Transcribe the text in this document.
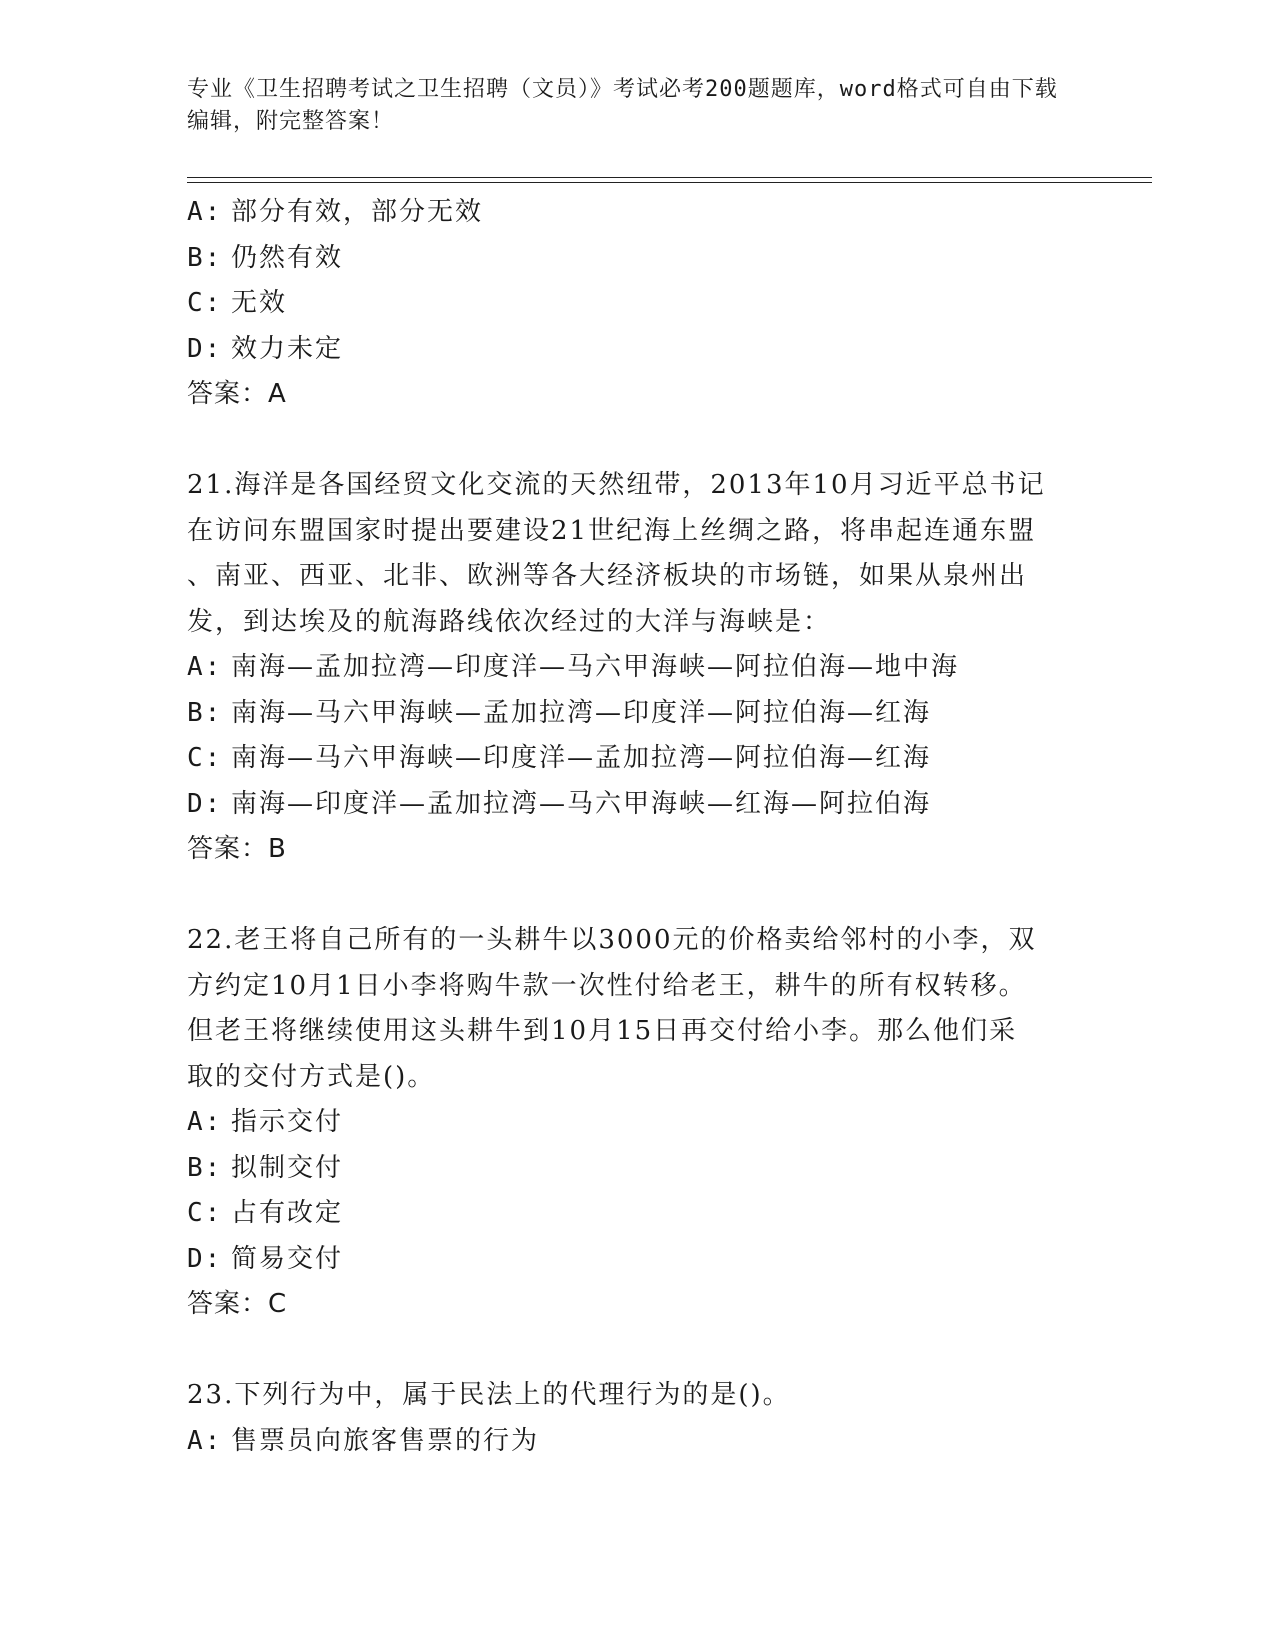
专业《卫生招聘考试之卫生招聘（文员）》考试必考200题题库，word格式可自由下载编辑，附完整答案！

A: 部分有效，部分无效
B: 仍然有效
C: 无效
D: 效力未定
答案：A
21.海洋是各国经贸文化交流的天然纽带，2013年10月习近平总书记
在访问东盟国家时提出要建设21世纪海上丝绸之路，将串起连通东盟
、南亚、西亚、北非、欧洲等各大经济板块的市场链，如果从泉州出
发，到达埃及的航海路线依次经过的大洋与海峡是：
A: 南海—孟加拉湾—印度洋—马六甲海峡—阿拉伯海—地中海
B: 南海—马六甲海峡—孟加拉湾—印度洋—阿拉伯海—红海
C: 南海—马六甲海峡—印度洋—孟加拉湾—阿拉伯海—红海
D: 南海—印度洋—孟加拉湾—马六甲海峡—红海—阿拉伯海
答案：B
22.老王将自己所有的一头耕牛以3000元的价格卖给邻村的小李，双
方约定10月1日小李将购牛款一次性付给老王，耕牛的所有权转移。
但老王将继续使用这头耕牛到10月15日再交付给小李。那么他们采
取的交付方式是()。
A: 指示交付
B: 拟制交付
C: 占有改定
D: 简易交付
答案：C
23.下列行为中，属于民法上的代理行为的是()。
A: 售票员向旅客售票的行为
